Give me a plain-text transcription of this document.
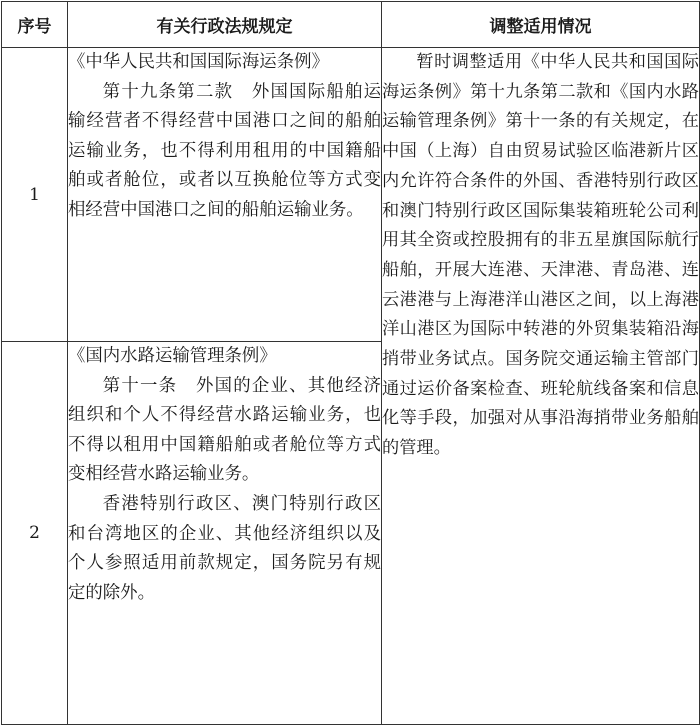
序号	有关行政法规规定	调整适用情况
1	《中华人民共和国国际海运条例》

第十九条第二款　外国国际船舶运输经营者不得经营中国港口之间的船舶运输业务，也不得利用租用的中国籍船舶或者舱位，或者以互换舱位等方式变相经营中国港口之间的船舶运输业务。	暂时调整适用《中华人民共和国国际海运条例》第十九条第二款和《国内水路运输管理条例》第十一条的有关规定，在中国（上海）自由贸易试验区临港新片区内允许符合条件的外国、香港特别行政区和澳门特别行政区国际集装箱班轮公司利用其全资或控股拥有的非五星旗国际航行船舶，开展大连港、天津港、青岛港、连云港港与上海港洋山港区之间，以上海港洋山港区为国际中转港的外贸集装箱沿海捎带业务试点。国务院交通运输主管部门通过运价备案检查、班轮航线备案和信息化等手段，加强对从事沿海捎带业务船舶的管理。

2	《国内水路运输管理条例》

第十一条　外国的企业、其他经济组织和个人不得经营水路运输业务，也不得以租用中国籍船舶或者舱位等方式变相经营水路运输业务。

香港特别行政区、澳门特别行政区和台湾地区的企业、其他经济组织以及个人参照适用前款规定，国务院另有规定的除外。	
